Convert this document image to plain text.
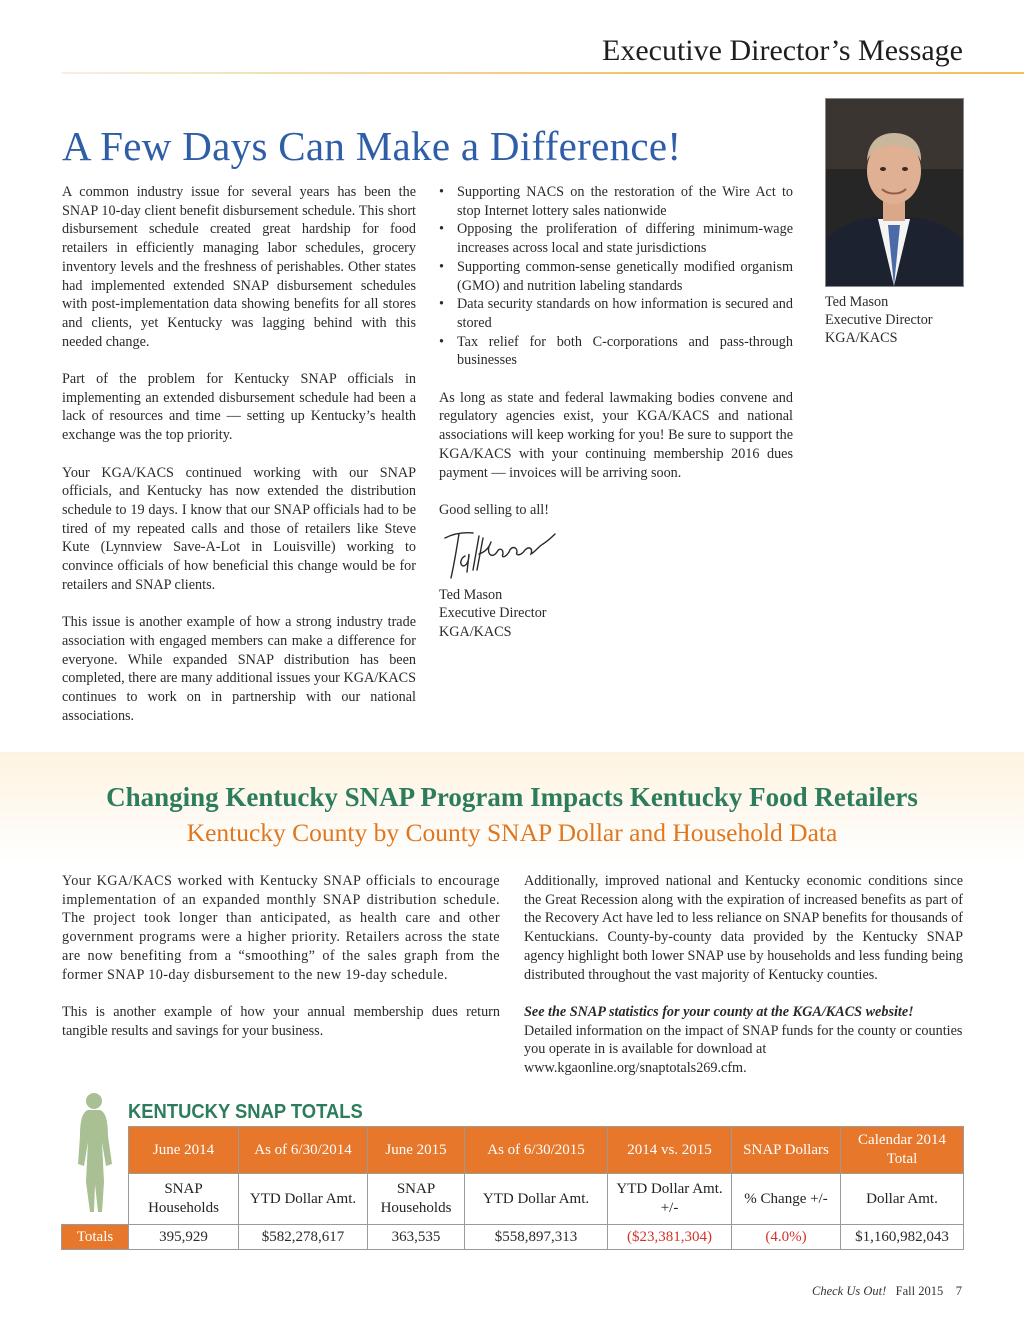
Executive Director’s Message
A Few Days Can Make a Difference!

A common industry issue for several years has been the SNAP 10-day client benefit disbursement schedule. This short disbursement schedule created great hardship for food retailers in efficiently managing labor schedules, grocery inventory levels and the freshness of perishables. Other states had implemented extended SNAP disbursement schedules with post-implementation data showing benefits for all stores and clients, yet Kentucky was lagging behind with this needed change.

Part of the problem for Kentucky SNAP officials in implementing an extended disbursement schedule had been a lack of resources and time — setting up Kentucky’s health exchange was the top priority.

Your KGA/KACS continued working with our SNAP officials, and Kentucky has now extended the distribution schedule to 19 days. I know that our SNAP officials had to be tired of my repeated calls and those of retailers like Steve Kute (Lynnview Save-A-Lot in Louisville) working to convince officials of how beneficial this change would be for retailers and SNAP clients.

This issue is another example of how a strong industry trade association with engaged members can make a difference for everyone. While expanded SNAP distribution has been completed, there are many additional issues your KGA/KACS continues to work on in partnership with our national associations.

• Supporting NACS on the restoration of the Wire Act to stop Internet lottery sales nationwide
• Opposing the proliferation of differing minimum-wage increases across local and state jurisdictions
• Supporting common-sense genetically modified organism (GMO) and nutrition labeling standards
• Data security standards on how information is secured and stored
• Tax relief for both C-corporations and pass-through businesses

As long as state and federal lawmaking bodies convene and regulatory agencies exist, your KGA/KACS and national associations will keep working for you! Be sure to support the KGA/KACS with your continuing membership 2016 dues payment — invoices will be arriving soon.

Good selling to all!

Ted Mason
Executive Director
KGA/KACS
Ted Mason
Executive Director
KGA/KACS
Changing Kentucky SNAP Program Impacts Kentucky Food Retailers
Kentucky County by County SNAP Dollar and Household Data

Your KGA/KACS worked with Kentucky SNAP officials to encourage implementation of an expanded monthly SNAP distribution schedule. The project took longer than anticipated, as health care and other government programs were a higher priority. Retailers across the state are now benefiting from a “smoothing” of the sales graph from the former SNAP 10-day disbursement to the new 19-day schedule.

This is another example of how your annual membership dues return tangible results and savings for your business.

Additionally, improved national and Kentucky economic conditions since the Great Recession along with the expiration of increased benefits as part of the Recovery Act have led to less reliance on SNAP benefits for thousands of Kentuckians. County-by-county data provided by the Kentucky SNAP agency highlight both lower SNAP use by households and less funding being distributed throughout the vast majority of Kentucky counties.

See the SNAP statistics for your county at the KGA/KACS website!
Detailed information on the impact of SNAP funds for the county or counties you operate in is available for download at www.kgaonline.org/snaptotals269.cfm.
KENTUCKY SNAP TOTALS
	June 2014	As of 6/30/2014	June 2015	As of 6/30/2015	2014 vs. 2015	SNAP Dollars	Calendar 2014 Total
	SNAP Households	YTD Dollar Amt.	SNAP Households	YTD Dollar Amt.	YTD Dollar Amt. +/-	% Change +/-	Dollar Amt.
Totals	395,929	$582,278,617	363,535	$558,897,313	($23,381,304)	(4.0%)	$1,160,982,043
Check Us Out! Fall 2015 7
